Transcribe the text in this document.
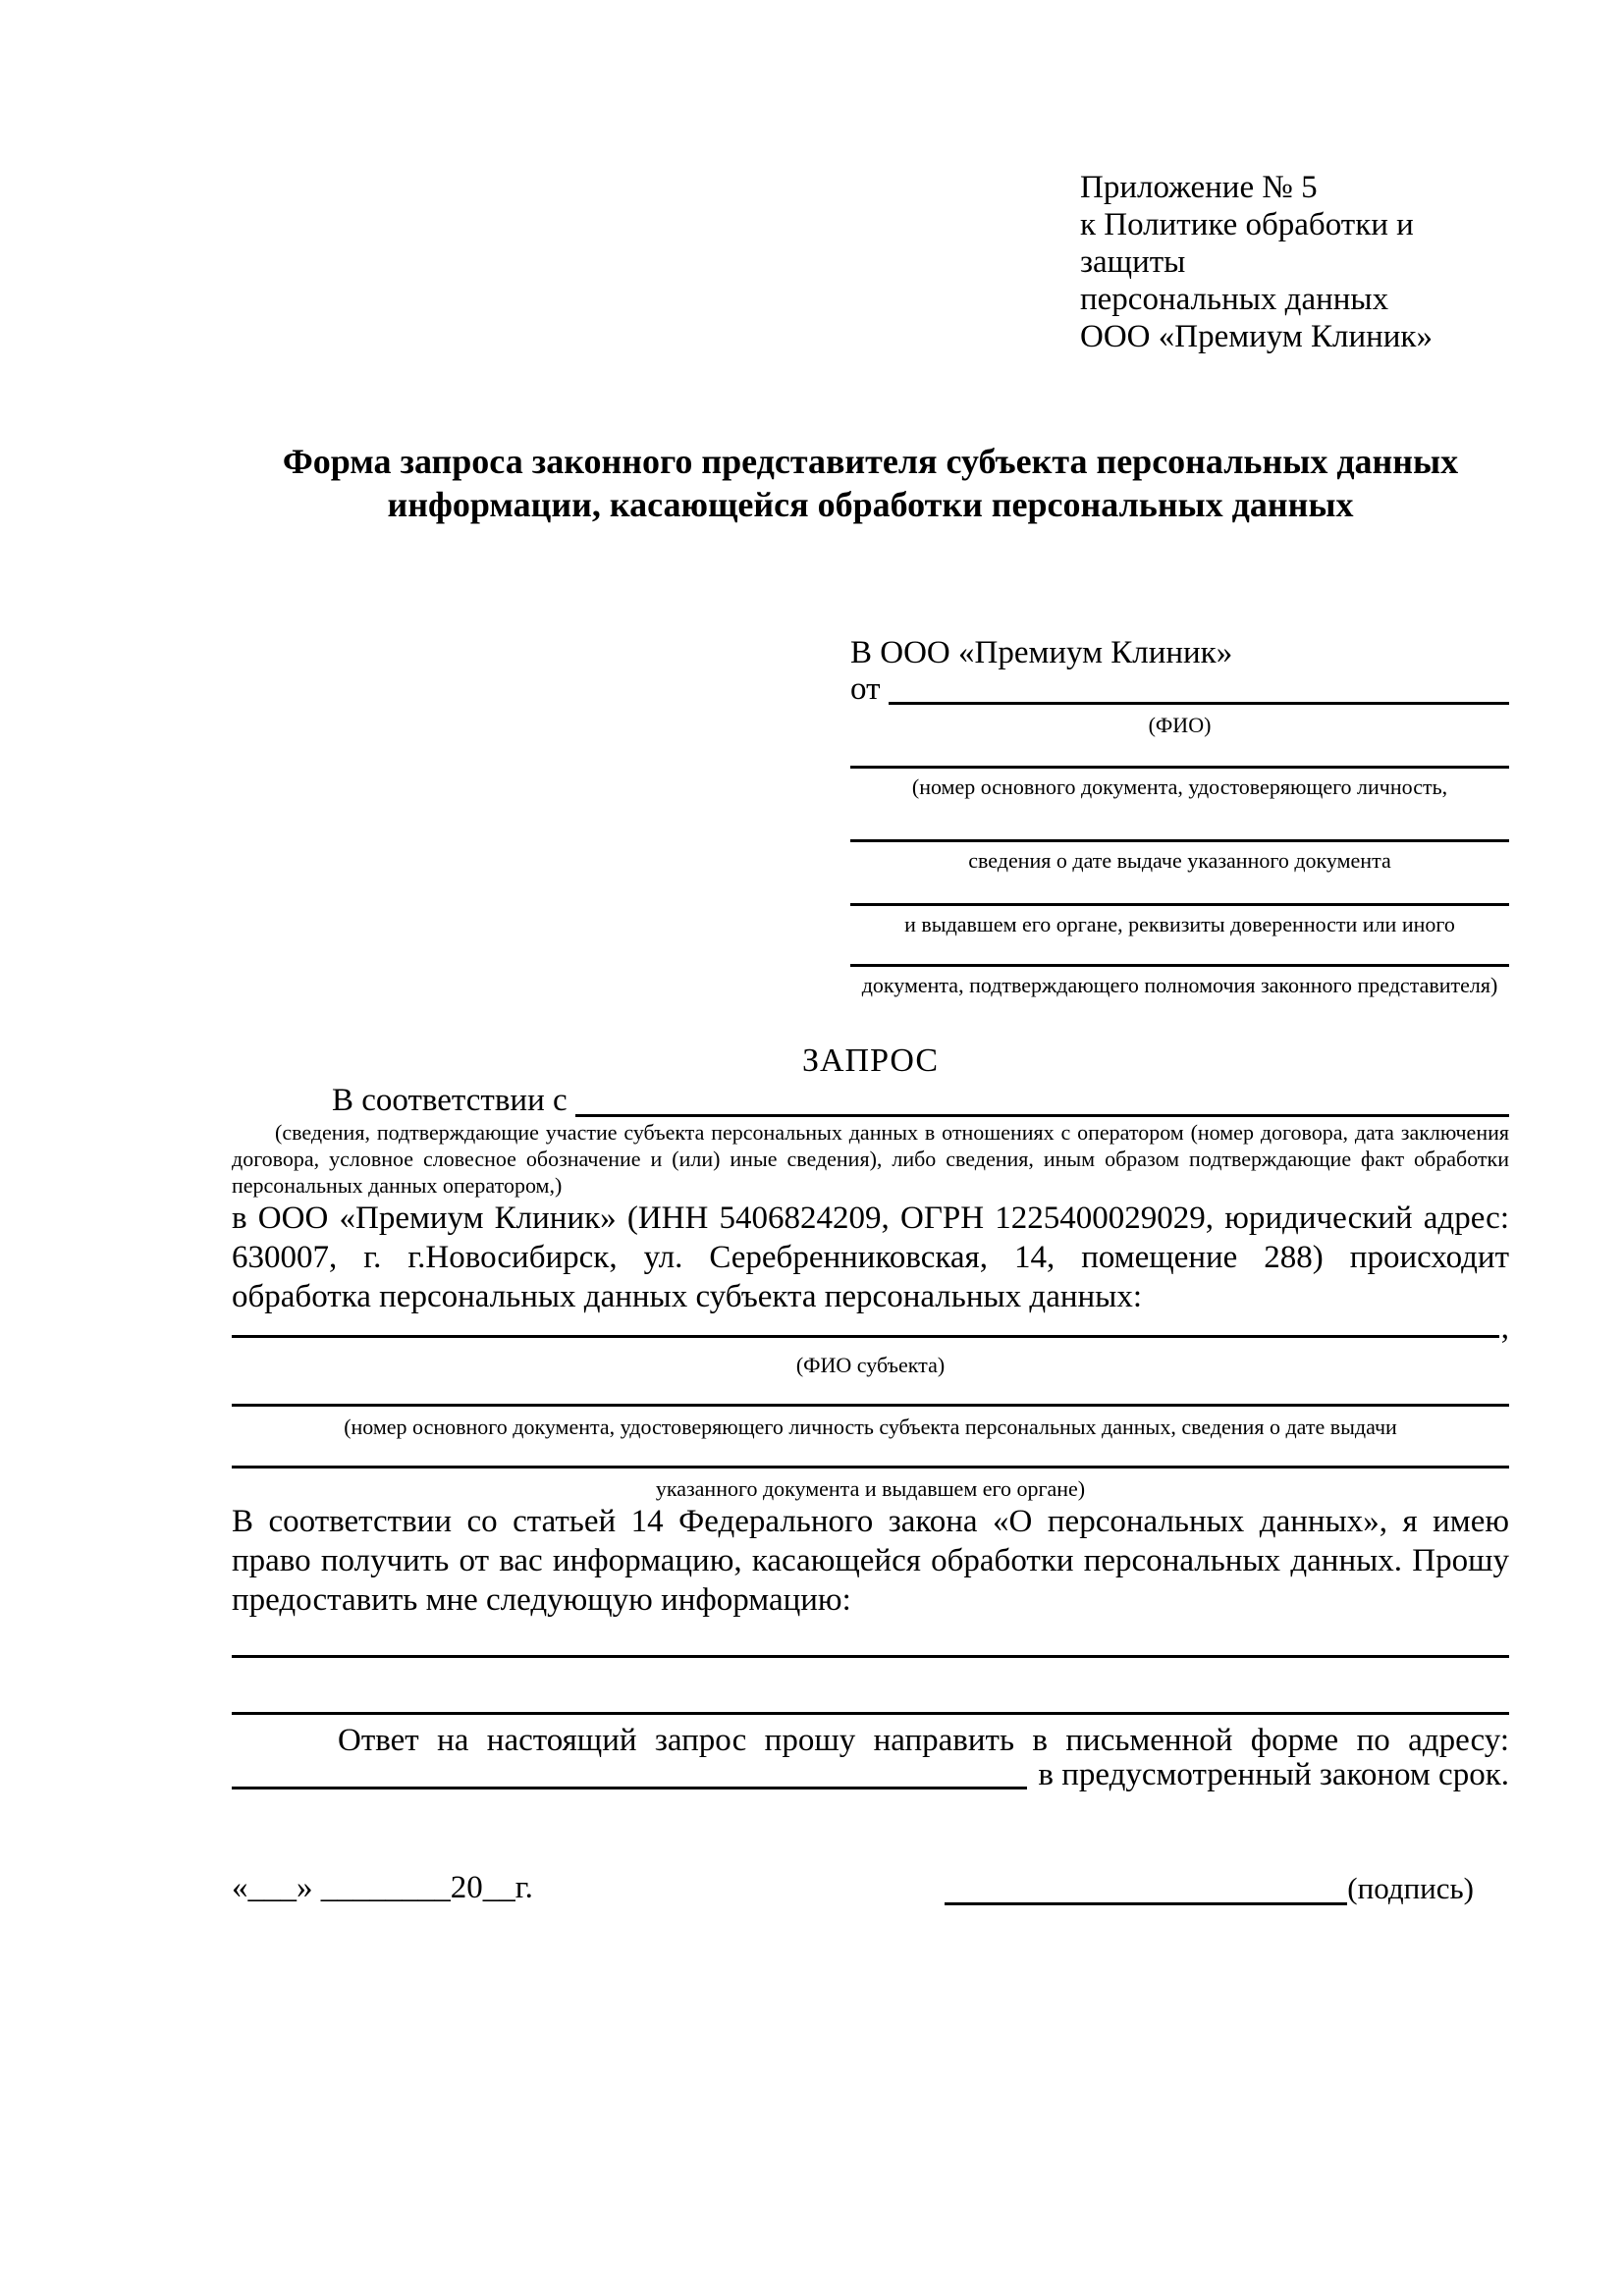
Приложение № 5
к Политике обработки и защиты
персональных данных
ООО «Премиум Клиник»
Форма запроса законного представителя субъекта персональных данных
информации, касающейся обработки персональных данных
В ООО «Премиум Клиник»
от
(ФИО)
(номер основного документа, удостоверяющего личность,
сведения о дате выдаче указанного документа
и выдавшем его органе, реквизиты доверенности или иного
документа, подтверждающего полномочия законного представителя)
ЗАПРОС
В соответствии с
(сведения, подтверждающие участие субъекта персональных данных в отношениях с оператором (номер договора, дата заключения договора, условное словесное обозначение и (или) иные сведения), либо сведения, иным образом подтверждающие факт обработки персональных данных оператором,)

в ООО «Премиум Клиник» (ИНН 5406824209, ОГРН 1225400029029, юридический адрес: 630007, г. г.Новосибирск, ул. Серебренниковская, 14, помещение 288) происходит обработка персональных данных субъекта персональных данных:

,
(ФИО субъекта)
(номер основного документа, удостоверяющего личность субъекта персональных данных, сведения о дате выдачи
указанного документа и выдавшем его органе)

В соответствии со статьей 14 Федерального закона «О персональных данных», я имею право получить от вас информацию, касающейся обработки персональных данных. Прошу предоставить мне следующую информацию:

Ответ на настоящий запрос прошу направить в письменной форме по адресу:
в предусмотренный законом срок.
«___» ________20__г.	(подпись)
